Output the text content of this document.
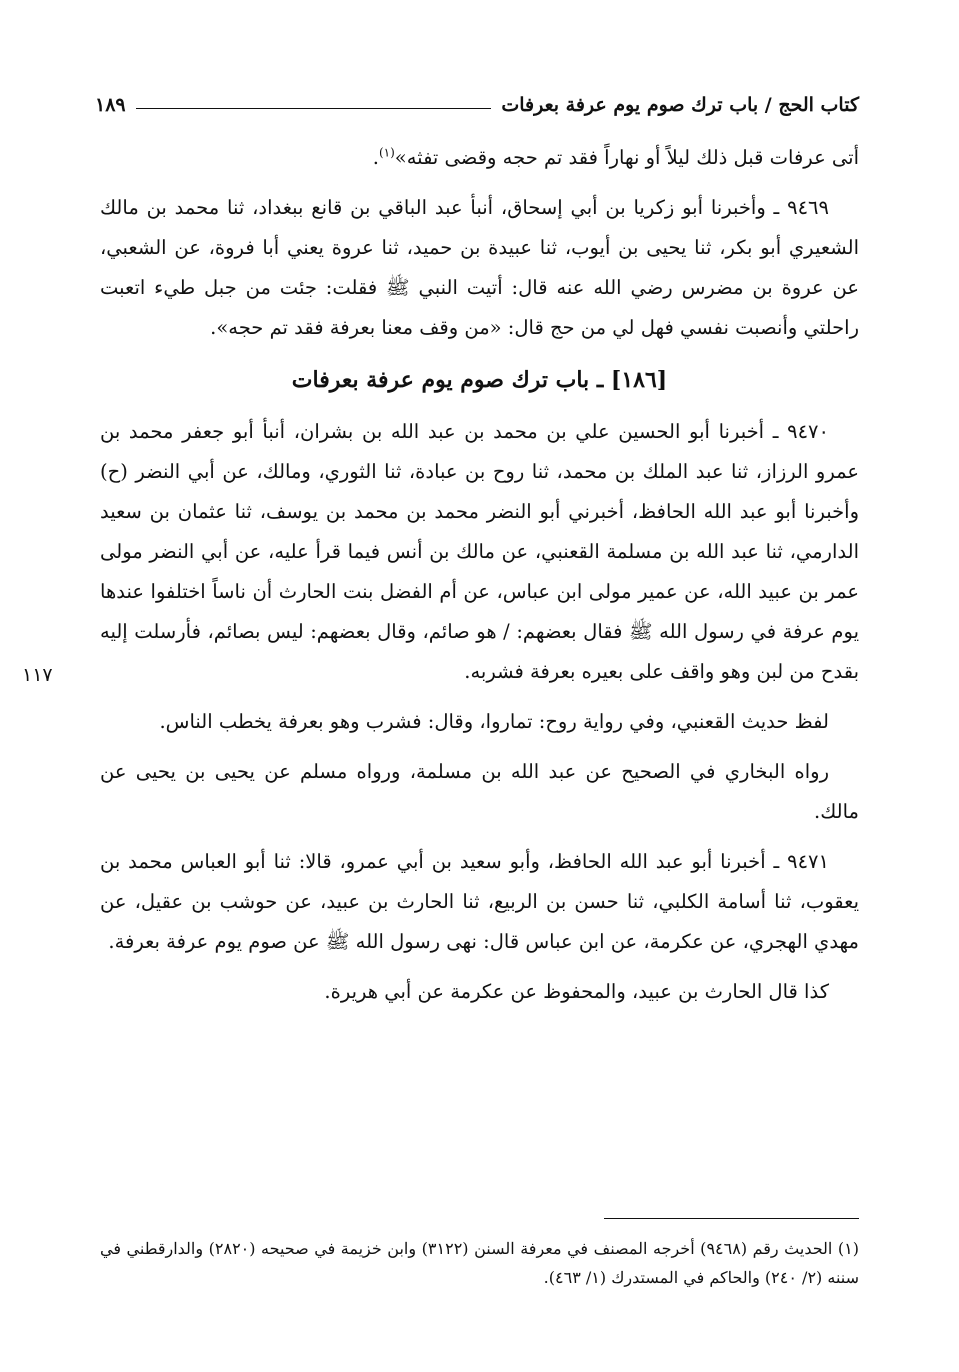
كتاب الحج / باب ترك صوم يوم عرفة بعرفات
١٨٩

أتى عرفات قبل ذلك ليلاً أو نهاراً فقد تم حجه وقضى تفثه»$^{(١)}$.

٩٤٦٩ ـ وأخبرنا أبو زكريا بن أبي إسحاق، أنبأ عبد الباقي بن قانع ببغداد، ثنا محمد بن مالك الشعيري أبو بكر، ثنا يحيى بن أيوب، ثنا عبيدة بن حميد، ثنا عروة يعني أبا فروة، عن الشعبي، عن عروة بن مضرس رضي الله عنه قال: أتيت النبي ﷺ فقلت: جئت من جبل طيء اتعبت راحلتي وأنصبت نفسي فهل لي من حج قال: «من وقف معنا بعرفة فقد تم حجه».

[١٨٦] ـ باب ترك صوم يوم عرفة بعرفات

٩٤٧٠ ـ أخبرنا أبو الحسين علي بن محمد بن عبد الله بن بشران، أنبأ أبو جعفر محمد بن عمرو الرزاز، ثنا عبد الملك بن محمد، ثنا روح بن عبادة، ثنا الثوري، ومالك، عن أبي النضر (ح) وأخبرنا أبو عبد الله الحافظ، أخبرني أبو النضر محمد بن محمد بن يوسف، ثنا عثمان بن سعيد الدارمي، ثنا عبد الله بن مسلمة القعنبي، عن مالك بن أنس فيما قرأ عليه، عن أبي النضر مولى عمر بن عبيد الله، عن عمير مولى ابن عباس، عن أم الفضل بنت الحارث أن ناساً اختلفوا عندها يوم عرفة في رسول الله ﷺ فقال بعضهم: / هو صائم، وقال بعضهم: ليس بصائم، فأرسلت إليه بقدح من لبن وهو واقف على بعيره بعرفة فشربه.

لفظ حديث القعنبي، وفي رواية روح: تماروا، وقال: فشرب وهو بعرفة يخطب الناس.

رواه البخاري في الصحيح عن عبد الله بن مسلمة، ورواه مسلم عن يحيى بن يحيى عن مالك.

٩٤٧١ ـ أخبرنا أبو عبد الله الحافظ، وأبو سعيد بن أبي عمرو، قالا: ثنا أبو العباس محمد بن يعقوب، ثنا أسامة الكلبي، ثنا حسن بن الربيع، ثنا الحارث بن عبيد، عن حوشب بن عقيل، عن مهدي الهجري، عن عكرمة، عن ابن عباس قال: نهى رسول الله ﷺ عن صوم يوم عرفة بعرفة.

كذا قال الحارث بن عبيد، والمحفوظ عن عكرمة عن أبي هريرة.

١١٧

(١) الحديث رقم (٩٤٦٨) أخرجه المصنف في معرفة السنن (٣١٢٢) وابن خزيمة في صحيحه (٢٨٢٠) والدارقطني في سننه (٢/ ٢٤٠) والحاكم في المستدرك (١/ ٤٦٣).
